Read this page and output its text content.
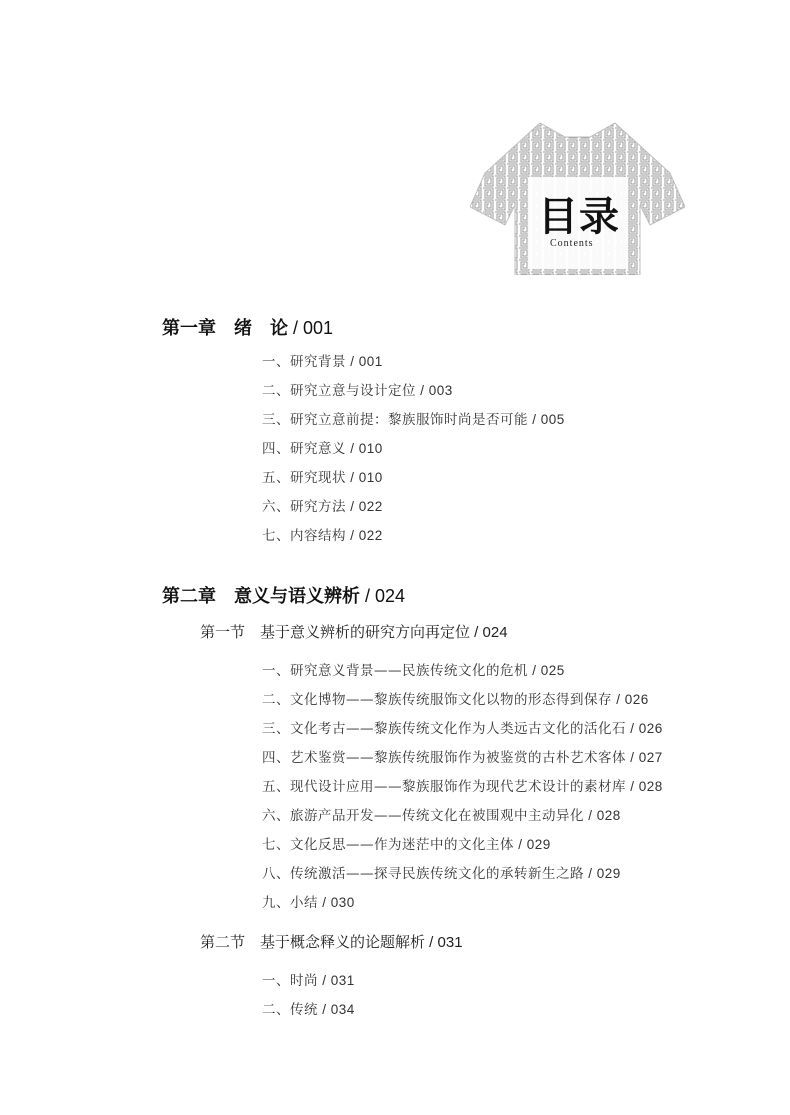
目录
Contents
第一章　绪　论 / 001
一、研究背景 / 001
二、研究立意与设计定位 / 003
三、研究立意前提：黎族服饰时尚是否可能 / 005
四、研究意义 / 010
五、研究现状 / 010
六、研究方法 / 022
七、内容结构 / 022
第二章　意义与语义辨析 / 024
第一节　基于意义辨析的研究方向再定位 / 024
一、研究意义背景——民族传统文化的危机 / 025
二、文化博物——黎族传统服饰文化以物的形态得到保存 / 026
三、文化考古——黎族传统文化作为人类远古文化的活化石 / 026
四、艺术鉴赏——黎族传统服饰作为被鉴赏的古朴艺术客体 / 027
五、现代设计应用——黎族服饰作为现代艺术设计的素材库 / 028
六、旅游产品开发——传统文化在被围观中主动异化 / 028
七、文化反思——作为迷茫中的文化主体 / 029
八、传统激活——探寻民族传统文化的承转新生之路 / 029
九、小结 / 030
第二节　基于概念释义的论题解析 / 031
一、时尚 / 031
二、传统 / 034
